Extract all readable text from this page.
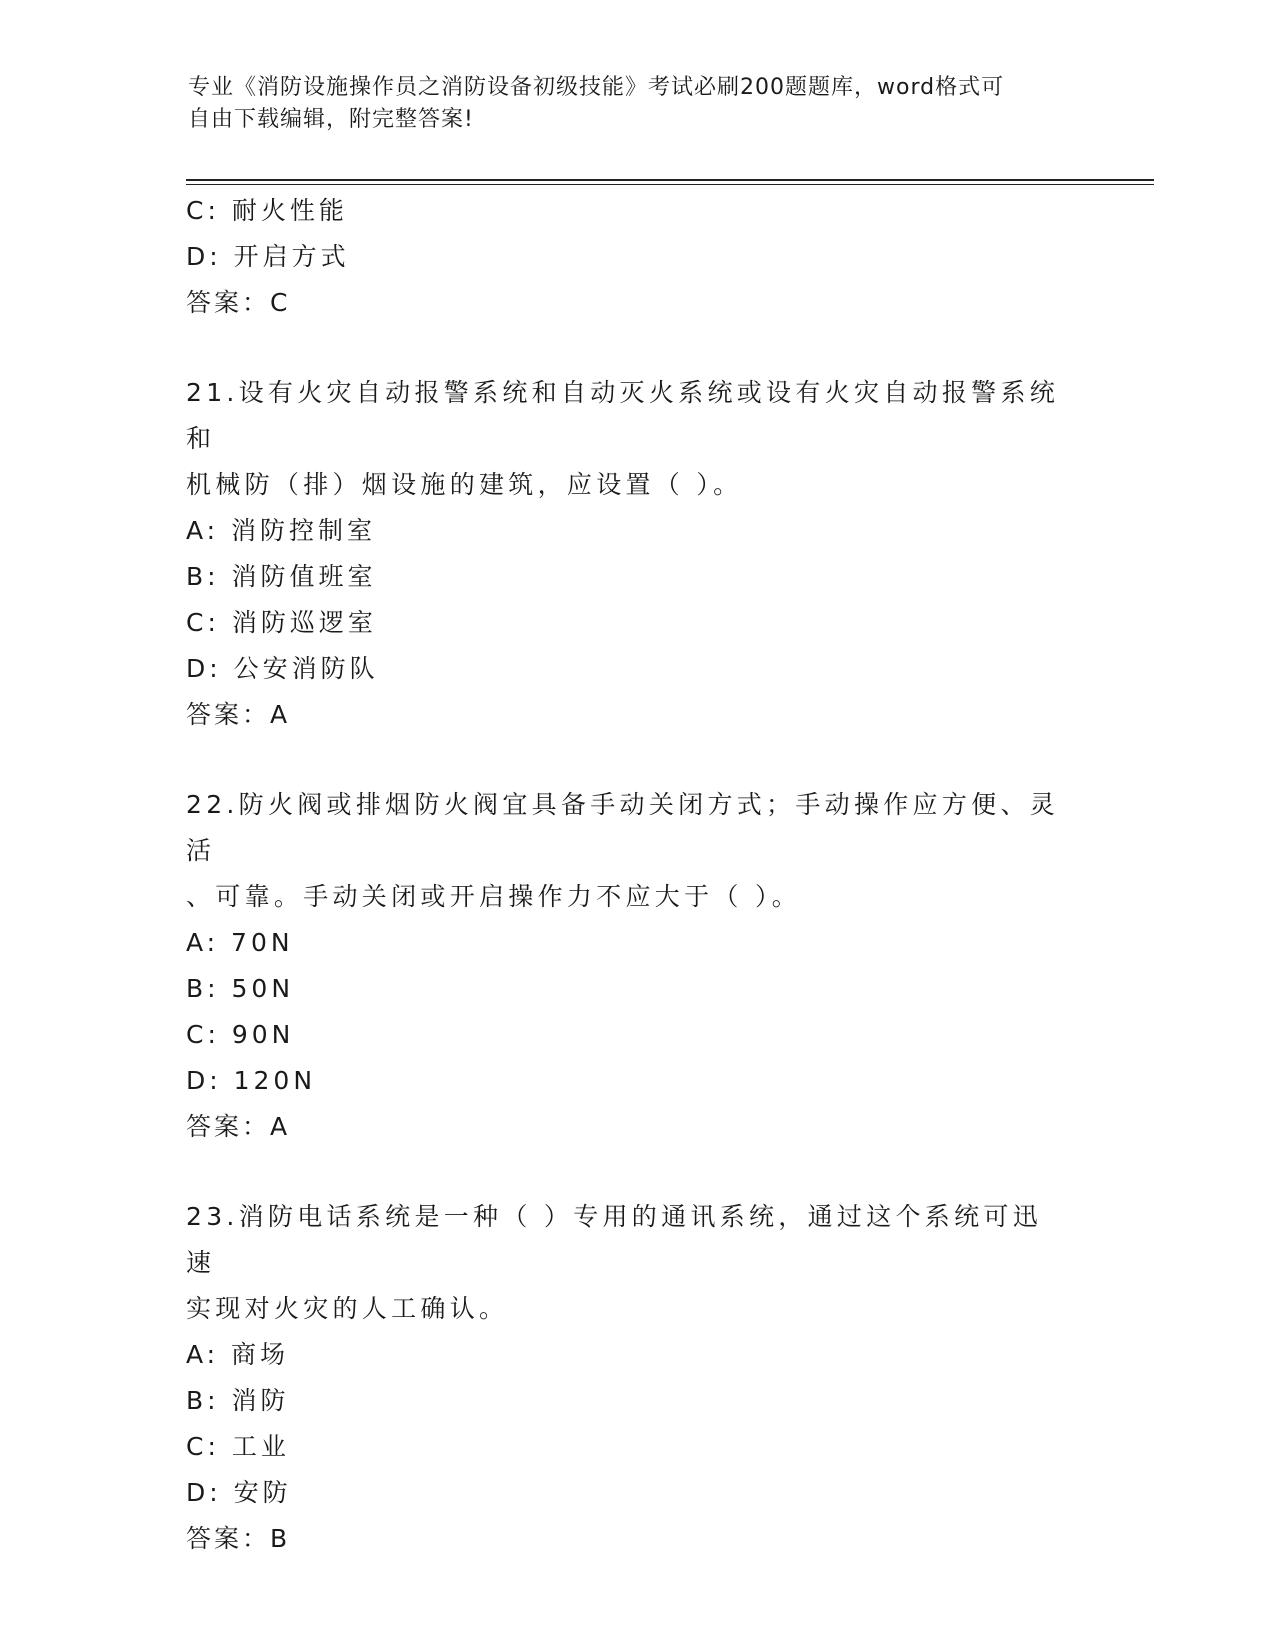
专业《消防设施操作员之消防设备初级技能》考试必刷200题题库，word格式可
自由下载编辑，附完整答案!
C: 耐火性能
D: 开启方式
答案：C
21.设有火灾自动报警系统和自动灭火系统或设有火灾自动报警系统和
机械防（排）烟设施的建筑，应设置（ ）。
A: 消防控制室
B: 消防值班室
C: 消防巡逻室
D: 公安消防队
答案：A
22.防火阀或排烟防火阀宜具备手动关闭方式；手动操作应方便、灵活
、可靠。手动关闭或开启操作力不应大于（ ）。
A: 70N
B: 50N
C: 90N
D: 120N
答案：A
23.消防电话系统是一种（ ）专用的通讯系统，通过这个系统可迅速
实现对火灾的人工确认。
A: 商场
B: 消防
C: 工业
D: 安防
答案：B
